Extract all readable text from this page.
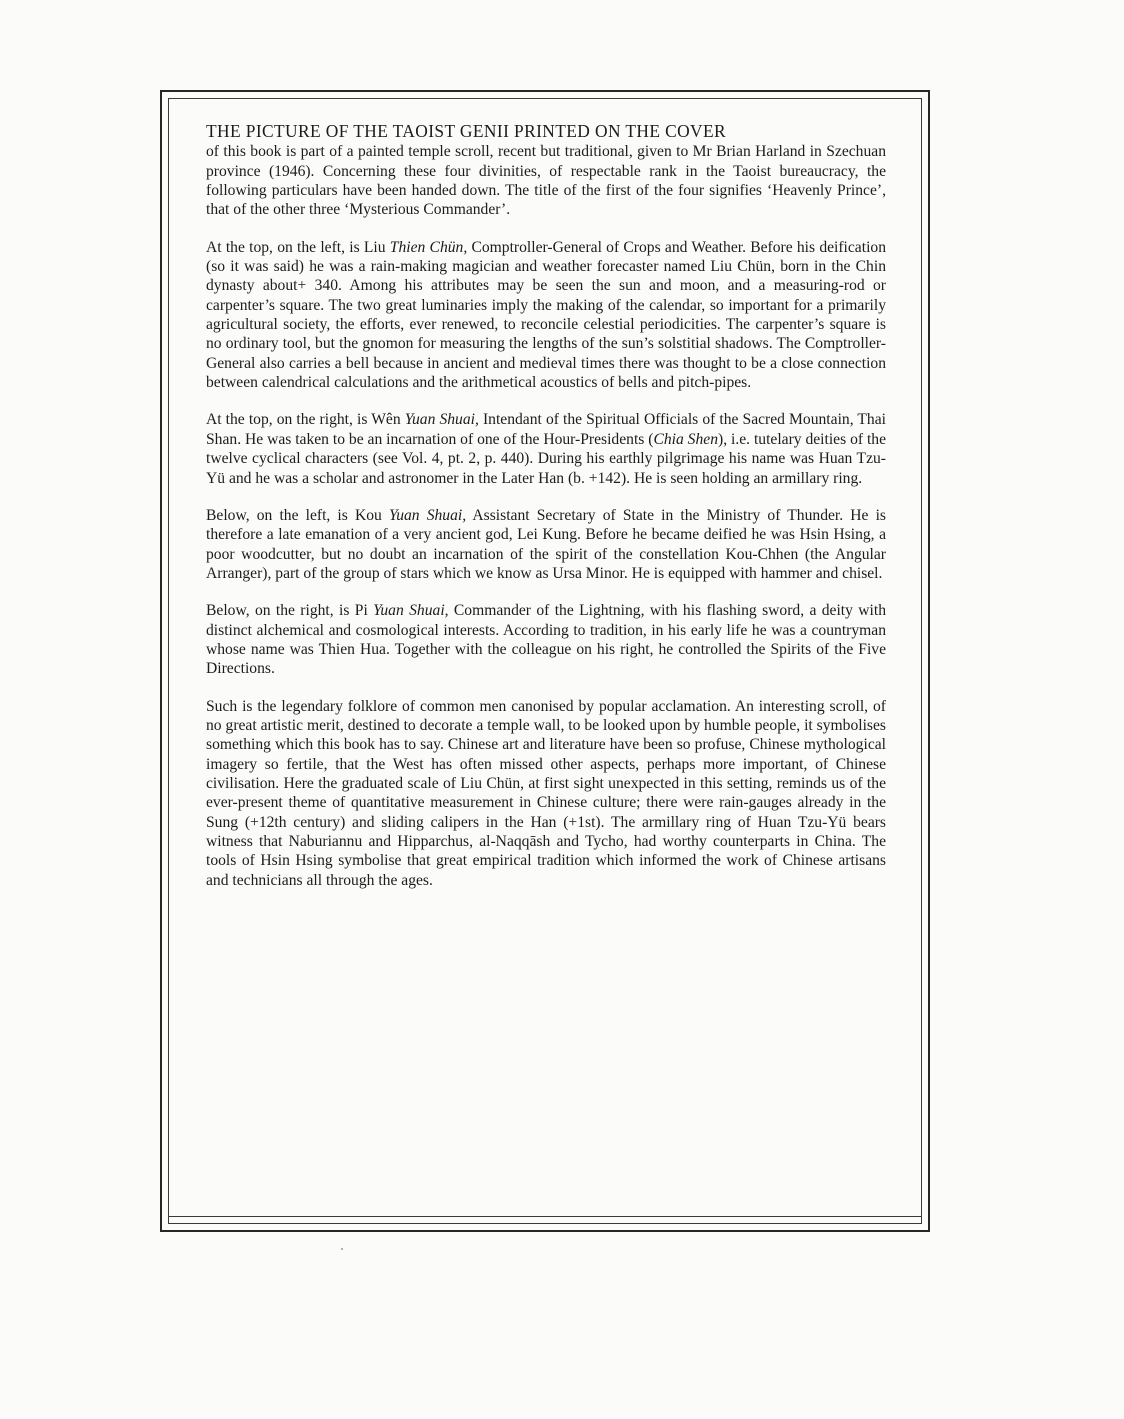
THE PICTURE OF THE TAOIST GENII PRINTED ON THE COVER
of this book is part of a painted temple scroll, recent but traditional, given to Mr Brian Harland in Szechuan province (1946). Concerning these four divinities, of respectable rank in the Taoist bureaucracy, the following particulars have been handed down. The title of the first of the four signifies ‘Heavenly Prince’, that of the other three ‘Mysterious Commander’.

At the top, on the left, is Liu Thien Chün, Comptroller-General of Crops and Weather. Before his deification (so it was said) he was a rain-making magician and weather forecaster named Liu Chün, born in the Chin dynasty about+ 340. Among his attributes may be seen the sun and moon, and a measuring-rod or carpenter’s square. The two great luminaries imply the making of the calendar, so important for a primarily agricultural society, the efforts, ever renewed, to reconcile celestial periodicities. The carpenter’s square is no ordinary tool, but the gnomon for measuring the lengths of the sun’s solstitial shadows. The Comptroller-General also carries a bell because in ancient and medieval times there was thought to be a close connection between calendrical calculations and the arithmetical acoustics of bells and pitch-pipes.

At the top, on the right, is Wên Yuan Shuai, Intendant of the Spiritual Officials of the Sacred Mountain, Thai Shan. He was taken to be an incarnation of one of the Hour-Presidents (Chia Shen), i.e. tutelary deities of the twelve cyclical characters (see Vol. 4, pt. 2, p. 440). During his earthly pilgrimage his name was Huan Tzu-Yü and he was a scholar and astronomer in the Later Han (b. +142). He is seen holding an armillary ring.

Below, on the left, is Kou Yuan Shuai, Assistant Secretary of State in the Ministry of Thunder. He is therefore a late emanation of a very ancient god, Lei Kung. Before he became deified he was Hsin Hsing, a poor woodcutter, but no doubt an incarnation of the spirit of the constellation Kou-Chhen (the Angular Arranger), part of the group of stars which we know as Ursa Minor. He is equipped with hammer and chisel.

Below, on the right, is Pi Yuan Shuai, Commander of the Lightning, with his flashing sword, a deity with distinct alchemical and cosmological interests. According to tradition, in his early life he was a countryman whose name was Thien Hua. Together with the colleague on his right, he controlled the Spirits of the Five Directions.

Such is the legendary folklore of common men canonised by popular acclamation. An interesting scroll, of no great artistic merit, destined to decorate a temple wall, to be looked upon by humble people, it symbolises something which this book has to say. Chinese art and literature have been so profuse, Chinese mythological imagery so fertile, that the West has often missed other aspects, perhaps more important, of Chinese civilisation. Here the graduated scale of Liu Chün, at first sight unexpected in this setting, reminds us of the ever-present theme of quantitative measurement in Chinese culture; there were rain-gauges already in the Sung (+12th century) and sliding calipers in the Han (+1st). The armillary ring of Huan Tzu-Yü bears witness that Naburiannu and Hipparchus, al-Naqqāsh and Tycho, had worthy counterparts in China. The tools of Hsin Hsing symbolise that great empirical tradition which informed the work of Chinese artisans and technicians all through the ages.
